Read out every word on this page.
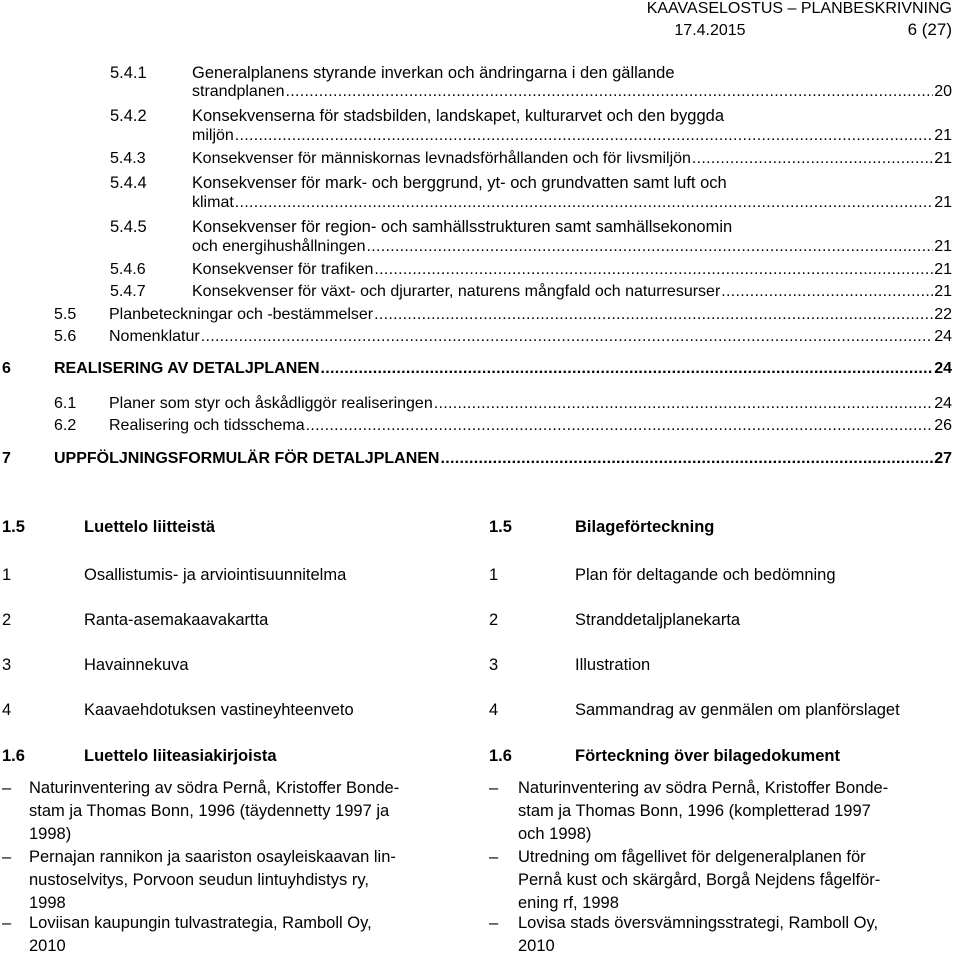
KAAVASELOSTUS – PLANBESKRIVNING
17.4.2015	6 (27)
5.4.1	Generalplanens styrande inverkan och ändringarna i den gällande
strandplanen .....	20
5.4.2	Konsekvenserna för stadsbilden, landskapet, kulturarvet och den byggda
miljön .....	21
5.4.3	Konsekvenser för människornas levnadsförhållanden och för livsmiljön .....	21
5.4.4	Konsekvenser för mark- och berggrund, yt- och grundvatten samt luft och
klimat .....	21
5.4.5	Konsekvenser för region- och samhällsstrukturen samt samhällsekonomin
och energihushållningen .....	21
5.4.6	Konsekvenser för trafiken .....	21
5.4.7	Konsekvenser för växt- och djurarter, naturens mångfald och naturresurser .....	21
5.5	Planbeteckningar och -bestämmelser .....	22
5.6	Nomenklatur .....	24
6	REALISERING AV DETALJPLANEN .....	24
6.1	Planer som styr och åskådliggör realiseringen .....	24
6.2	Realisering och tidsschema .....	26
7	UPPFÖLJNINGSFORMULÄR FÖR DETALJPLANEN .....	27
1.5	Luettelo liitteistä
1	Osallistumis- ja arviointisuunnitelma
2	Ranta-asemakaavakartta
3	Havainnekuva
4	Kaavaehdotuksen vastineyhteenveto
1.6	Luettelo liiteasiakirjoista
– Naturinventering av södra Pernå, Kristoffer Bonde-
stam ja Thomas Bonn, 1996 (täydennetty 1997 ja
1998)
– Pernajan rannikon ja saariston osayleiskaavan lin-
nustoselvitys, Porvoon seudun lintuyhdistys ry,
1998
– Loviisan kaupungin tulvastrategia, Ramboll Oy,
2010
1.5	Bilageförteckning
1	Plan för deltagande och bedömning
2	Stranddetaljplanekarta
3	Illustration
4	Sammandrag av genmälen om planförslaget
1.6	Förteckning över bilagedokument
– Naturinventering av södra Pernå, Kristoffer Bonde-
stam ja Thomas Bonn, 1996 (kompletterad 1997
och 1998)
– Utredning om fågellivet för delgeneralplanen för
Pernå kust och skärgård, Borgå Nejdens fågelför-
ening rf, 1998
– Lovisa stads översvämningsstrategi, Ramboll Oy,
2010
